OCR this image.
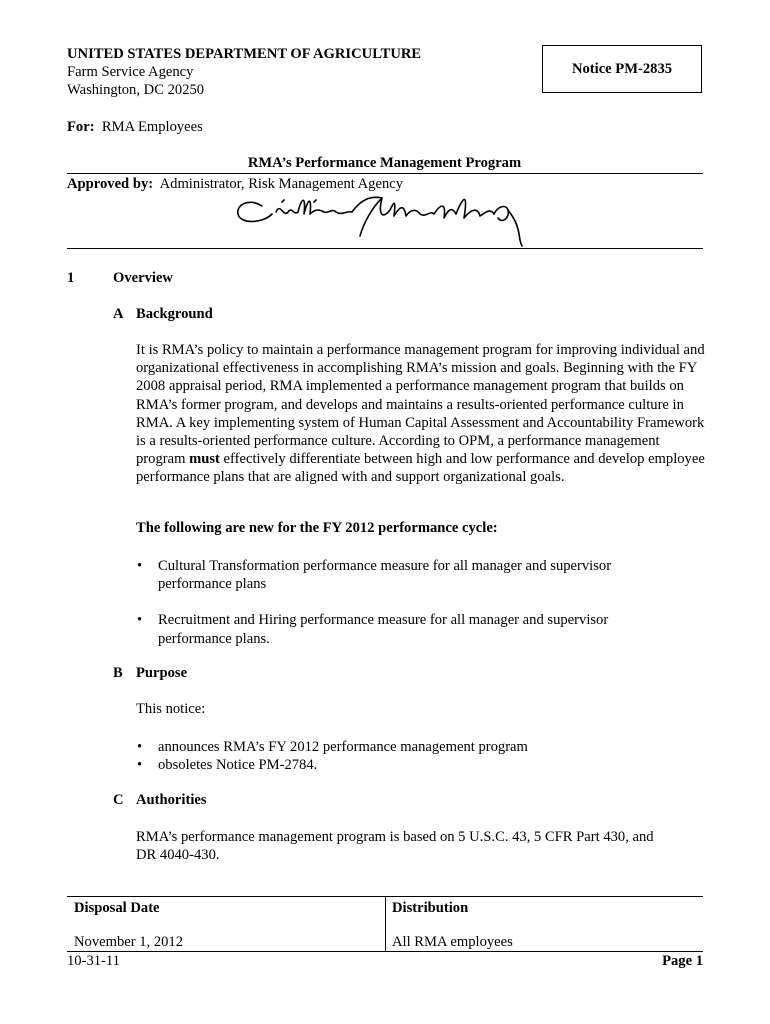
UNITED STATES DEPARTMENT OF AGRICULTURE
Farm Service Agency
Washington, DC 20250
Notice PM-2835
For: RMA Employees
RMA’s Performance Management Program
Approved by: Administrator, Risk Management Agency
1	Overview
A Background

It is RMA’s policy to maintain a performance management program for improving individual and organizational effectiveness in accomplishing RMA’s mission and goals. Beginning with the FY 2008 appraisal period, RMA implemented a performance management program that builds on RMA’s former program, and develops and maintains a results-oriented performance culture in RMA. A key implementing system of Human Capital Assessment and Accountability Framework is a results-oriented performance culture. According to OPM, a performance management program must effectively differentiate between high and low performance and develop employee performance plans that are aligned with and support organizational goals.

The following are new for the FY 2012 performance cycle:
• Cultural Transformation performance measure for all manager and supervisor performance plans
• Recruitment and Hiring performance measure for all manager and supervisor performance plans.
B Purpose
This notice:
• announces RMA’s FY 2012 performance management program
• obsoletes Notice PM-2784.
C Authorities

RMA’s performance management program is based on 5 U.S.C. 43, 5 CFR Part 430, and DR 4040-430.

Disposal Date
November 1, 2012
Distribution
All RMA employees
10-31-11	Page 1
